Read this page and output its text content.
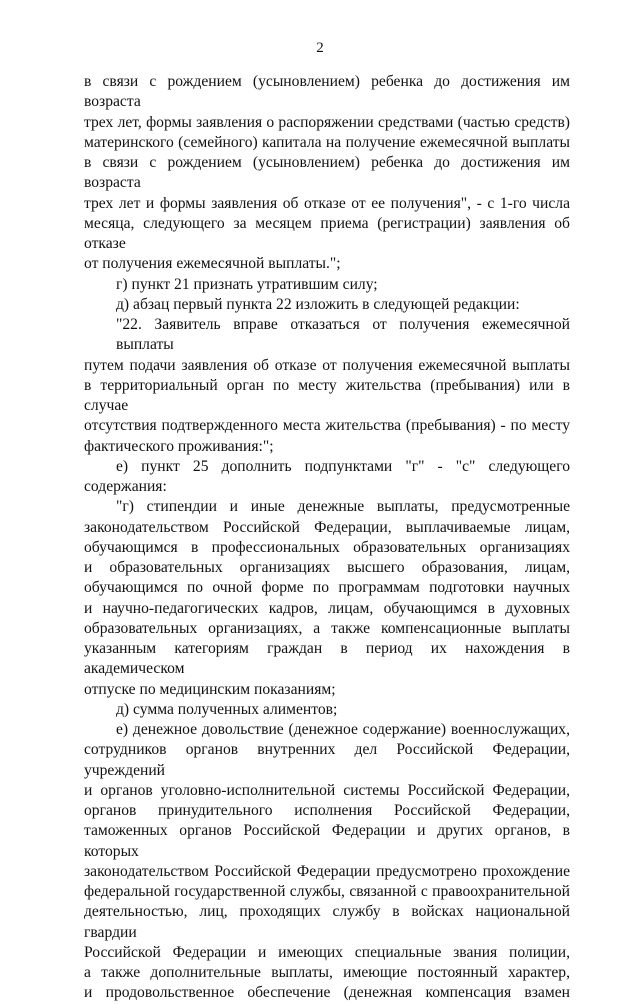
2
в связи с рождением (усыновлением) ребенка до достижения им возраста
трех лет, формы заявления о распоряжении средствами (частью средств)
материнского (семейного) капитала на получение ежемесячной выплаты
в связи с рождением (усыновлением) ребенка до достижения им возраста
трех лет и формы заявления об отказе от ее получения", - с 1-го числа
месяца, следующего за месяцем приема (регистрации) заявления об отказе
от получения ежемесячной выплаты.";
г) пункт 21 признать утратившим силу;
д) абзац первый пункта 22 изложить в следующей редакции:
"22. Заявитель вправе отказаться от получения ежемесячной выплаты
путем подачи заявления об отказе от получения ежемесячной выплаты
в территориальный орган по месту жительства (пребывания) или в случае
отсутствия подтвержденного места жительства (пребывания) - по месту
фактического проживания:";
е) пункт 25 дополнить подпунктами "г" - "с" следующего
содержания:
"г) стипендии и иные денежные выплаты, предусмотренные
законодательством Российской Федерации, выплачиваемые лицам,
обучающимся в профессиональных образовательных организациях
и образовательных организациях высшего образования, лицам,
обучающимся по очной форме по программам подготовки научных
и научно-педагогических кадров, лицам, обучающимся в духовных
образовательных организациях, а также компенсационные выплаты
указанным категориям граждан в период их нахождения в академическом
отпуске по медицинским показаниям;
д) сумма полученных алиментов;
е) денежное довольствие (денежное содержание) военнослужащих,
сотрудников органов внутренних дел Российской Федерации, учреждений
и органов уголовно-исполнительной системы Российской Федерации,
органов принудительного исполнения Российской Федерации,
таможенных органов Российской Федерации и других органов, в которых
законодательством Российской Федерации предусмотрено прохождение
федеральной государственной службы, связанной с правоохранительной
деятельностью, лиц, проходящих службу в войсках национальной гвардии
Российской Федерации и имеющих специальные звания полиции,
а также дополнительные выплаты, имеющие постоянный характер,
и продовольственное обеспечение (денежная компенсация взамен
